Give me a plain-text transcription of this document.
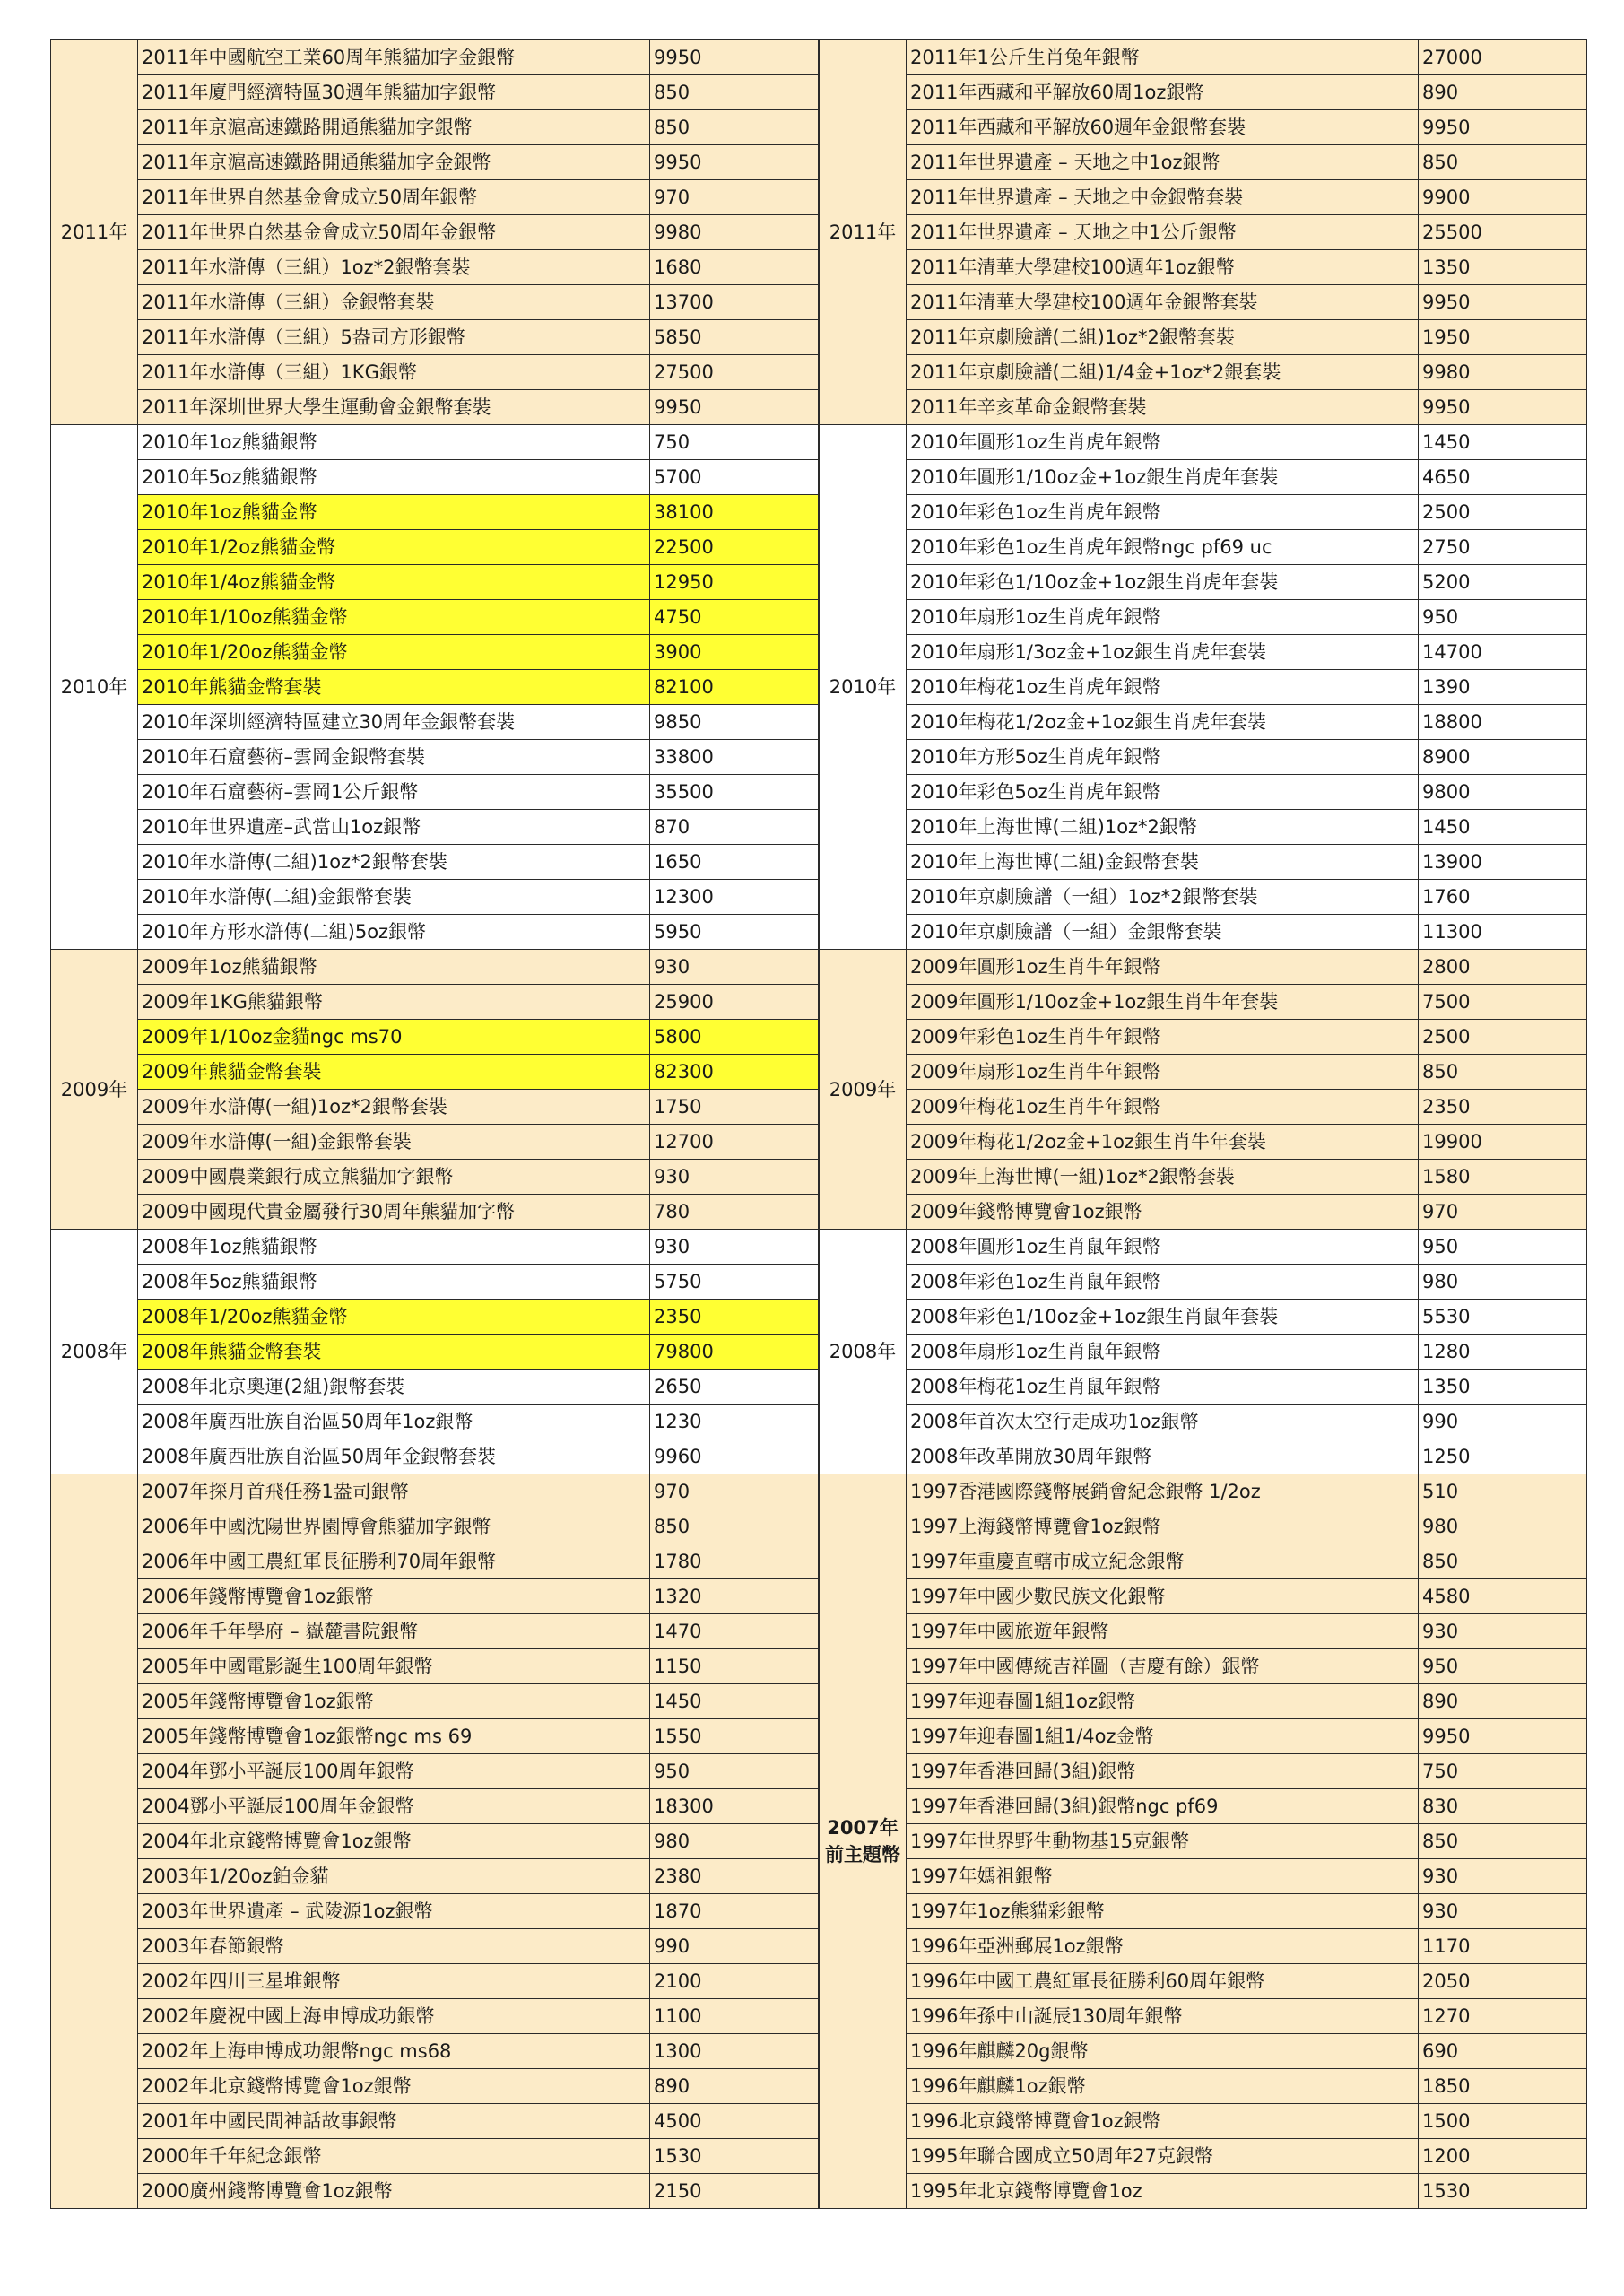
2011年	2011年中國航空工業60周年熊貓加字金銀幣	9950
	2011年廈門經濟特區30週年熊貓加字銀幣	850
	2011年京滬高速鐵路開通熊貓加字銀幣	850
	2011年京滬高速鐵路開通熊貓加字金銀幣	9950
	2011年世界自然基金會成立50周年銀幣	970
	2011年世界自然基金會成立50周年金銀幣	9980
	2011年水滸傳（三組）1oz*2銀幣套裝	1680
	2011年水滸傳（三組）金銀幣套裝	13700
	2011年水滸傳（三組）5盎司方形銀幣	5850
	2011年水滸傳（三組）1KG銀幣	27500
	2011年深圳世界大學生運動會金銀幣套裝	9950

2010年	2010年1oz熊貓銀幣	750
	2010年5oz熊貓銀幣	5700
	2010年1oz熊貓金幣	38100
	2010年1/2oz熊貓金幣	22500
	2010年1/4oz熊貓金幣	12950
	2010年1/10oz熊貓金幣	4750
	2010年1/20oz熊貓金幣	3900
	2010年熊貓金幣套裝	82100
	2010年深圳經濟特區建立30周年金銀幣套裝	9850
	2010年石窟藝術–雲岡金銀幣套裝	33800
	2010年石窟藝術–雲岡1公斤銀幣	35500
	2010年世界遺產–武當山1oz銀幣	870
	2010年水滸傳(二組)1oz*2銀幣套裝	1650
	2010年水滸傳(二組)金銀幣套裝	12300
	2010年方形水滸傳(二組)5oz銀幣	5950

2009年	2009年1oz熊貓銀幣	930
	2009年1KG熊貓銀幣	25900
	2009年1/10oz金貓ngc ms70	5800
	2009年熊貓金幣套裝	82300
	2009年水滸傳(一組)1oz*2銀幣套裝	1750
	2009年水滸傳(一組)金銀幣套裝	12700
	2009中國農業銀行成立熊貓加字銀幣	930
	2009中國現代貴金屬發行30周年熊貓加字幣	780

2008年	2008年1oz熊貓銀幣	930
	2008年5oz熊貓銀幣	5750
	2008年1/20oz熊貓金幣	2350
	2008年熊貓金幣套裝	79800
	2008年北京奧運(2組)銀幣套裝	2650
	2008年廣西壯族自治區50周年1oz銀幣	1230
	2008年廣西壯族自治區50周年金銀幣套裝	9960

	2007年探月首飛任務1盎司銀幣	970
	2006年中國沈陽世界園博會熊貓加字銀幣	850
	2006年中國工農紅軍長征勝利70周年銀幣	1780
	2006年錢幣博覽會1oz銀幣	1320
	2006年千年學府 – 嶽麓書院銀幣	1470
	2005年中國電影誕生100周年銀幣	1150
	2005年錢幣博覽會1oz銀幣	1450
	2005年錢幣博覽會1oz銀幣ngc ms 69	1550
	2004年鄧小平誕辰100周年銀幣	950
	2004鄧小平誕辰100周年金銀幣	18300
	2004年北京錢幣博覽會1oz銀幣	980
	2003年1/20oz鉑金貓	2380
	2003年世界遺產 – 武陵源1oz銀幣	1870
	2003年春節銀幣	990
	2002年四川三星堆銀幣	2100
	2002年慶祝中國上海申博成功銀幣	1100
	2002年上海申博成功銀幣ngc ms68	1300
	2002年北京錢幣博覽會1oz銀幣	890
	2001年中國民間神話故事銀幣	4500
	2000年千年紀念銀幣	1530
	2000廣州錢幣博覽會1oz銀幣	2150
2011年	2011年1公斤生肖兔年銀幣	27000
	2011年西藏和平解放60周1oz銀幣	890
	2011年西藏和平解放60週年金銀幣套裝	9950
	2011年世界遺產 – 天地之中1oz銀幣	850
	2011年世界遺產 – 天地之中金銀幣套裝	9900
	2011年世界遺產 – 天地之中1公斤銀幣	25500
	2011年清華大學建校100週年1oz銀幣	1350
	2011年清華大學建校100週年金銀幣套裝	9950
	2011年京劇臉譜(二組)1oz*2銀幣套裝	1950
	2011年京劇臉譜(二組)1/4金+1oz*2銀套裝	9980
	2011年辛亥革命金銀幣套裝	9950

2010年	2010年圓形1oz生肖虎年銀幣	1450
	2010年圓形1/10oz金+1oz銀生肖虎年套裝	4650
	2010年彩色1oz生肖虎年銀幣	2500
	2010年彩色1oz生肖虎年銀幣ngc pf69 uc	2750
	2010年彩色1/10oz金+1oz銀生肖虎年套裝	5200
	2010年扇形1oz生肖虎年銀幣	950
	2010年扇形1/3oz金+1oz銀生肖虎年套裝	14700
	2010年梅花1oz生肖虎年銀幣	1390
	2010年梅花1/2oz金+1oz銀生肖虎年套裝	18800
	2010年方形5oz生肖虎年銀幣	8900
	2010年彩色5oz生肖虎年銀幣	9800
	2010年上海世博(二組)1oz*2銀幣	1450
	2010年上海世博(二組)金銀幣套裝	13900
	2010年京劇臉譜（一組）1oz*2銀幣套裝	1760
	2010年京劇臉譜（一組）金銀幣套裝	11300

2009年	2009年圓形1oz生肖牛年銀幣	2800
	2009年圓形1/10oz金+1oz銀生肖牛年套裝	7500
	2009年彩色1oz生肖牛年銀幣	2500
	2009年扇形1oz生肖牛年銀幣	850
	2009年梅花1oz生肖牛年銀幣	2350
	2009年梅花1/2oz金+1oz銀生肖牛年套裝	19900
	2009年上海世博(一組)1oz*2銀幣套裝	1580
	2009年錢幣博覽會1oz銀幣	970

2008年	2008年圓形1oz生肖鼠年銀幣	950
	2008年彩色1oz生肖鼠年銀幣	980
	2008年彩色1/10oz金+1oz銀生肖鼠年套裝	5530
	2008年扇形1oz生肖鼠年銀幣	1280
	2008年梅花1oz生肖鼠年銀幣	1350
	2008年首次太空行走成功1oz銀幣	990
	2008年改革開放30周年銀幣	1250

2007年
前主題幣	1997香港國際錢幣展銷會紀念銀幣 1/2oz	510
	1997上海錢幣博覽會1oz銀幣	980
	1997年重慶直轄市成立紀念銀幣	850
	1997年中國少數民族文化銀幣	4580
	1997年中國旅遊年銀幣	930
	1997年中國傳統吉祥圖（吉慶有餘）銀幣	950
	1997年迎春圖1組1oz銀幣	890
	1997年迎春圖1組1/4oz金幣	9950
	1997年香港回歸(3組)銀幣	750
	1997年香港回歸(3組)銀幣ngc pf69	830
	1997年世界野生動物基15克銀幣	850
	1997年媽祖銀幣	930
	1997年1oz熊貓彩銀幣	930
	1996年亞洲郵展1oz銀幣	1170
	1996年中國工農紅軍長征勝利60周年銀幣	2050
	1996年孫中山誕辰130周年銀幣	1270
	1996年麒麟20g銀幣	690
	1996年麒麟1oz銀幣	1850
	1996北京錢幣博覽會1oz銀幣	1500
	1995年聯合國成立50周年27克銀幣	1200
	1995年北京錢幣博覽會1oz	1530
